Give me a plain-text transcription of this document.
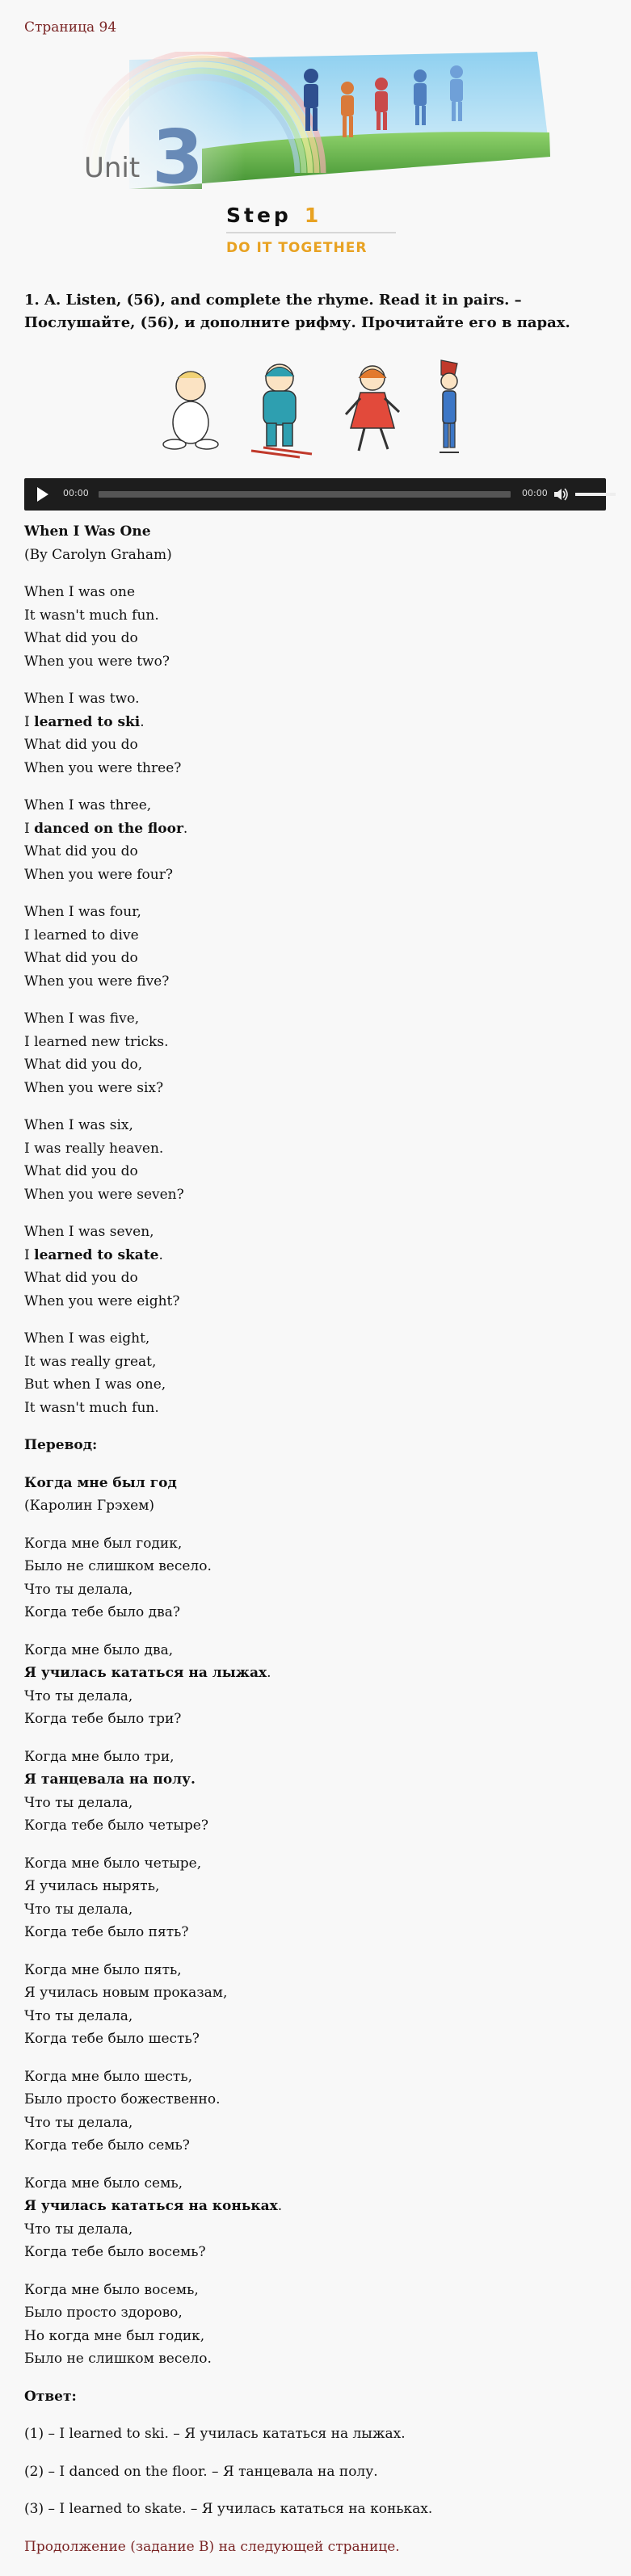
Страница 94
Unit 3
Step 1
DO IT TOGETHER
1. A. Listen, (56), and complete the rhyme. Read it in pairs. – Послушайте, (56), и дополните рифму. Прочитайте его в парах.
00:00	00:00

When I Was One
(By Carolyn Graham)

When I was one
It wasn't much fun.
What did you do
When you were two?

When I was two.
I learned to ski.
What did you do
When you were three?

When I was three,
I danced on the floor.
What did you do
When you were four?

When I was four,
I learned to dive
What did you do
When you were five?

When I was five,
I learned new tricks.
What did you do,
When you were six?

When I was six,
I was really heaven.
What did you do
When you were seven?

When I was seven,
I learned to skate.
What did you do
When you were eight?

When I was eight,
It was really great,
But when I was one,
It wasn't much fun.

Перевод:

Когда мне был год
(Каролин Грэхем)

Когда мне был годик,
Было не слишком весело.
Что ты делала,
Когда тебе было два?

Когда мне было два,
Я училась кататься на лыжах.
Что ты делала,
Когда тебе было три?

Когда мне было три,
Я танцевала на полу.
Что ты делала,
Когда тебе было четыре?

Когда мне было четыре,
Я училась нырять,
Что ты делала,
Когда тебе было пять?

Когда мне было пять,
Я училась новым проказам,
Что ты делала,
Когда тебе было шесть?

Когда мне было шесть,
Было просто божественно.
Что ты делала,
Когда тебе было семь?

Когда мне было семь,
Я училась кататься на коньках.
Что ты делала,
Когда тебе было восемь?

Когда мне было восемь,
Было просто здорово,
Но когда мне был годик,
Было не слишком весело.

Ответ:

(1) – I learned to ski. – Я училась кататься на лыжах.

(2) – I danced on the floor. – Я танцевала на полу.

(3) – I learned to skate. – Я училась кататься на коньках.

Продолжение (задание B) на следующей странице.
